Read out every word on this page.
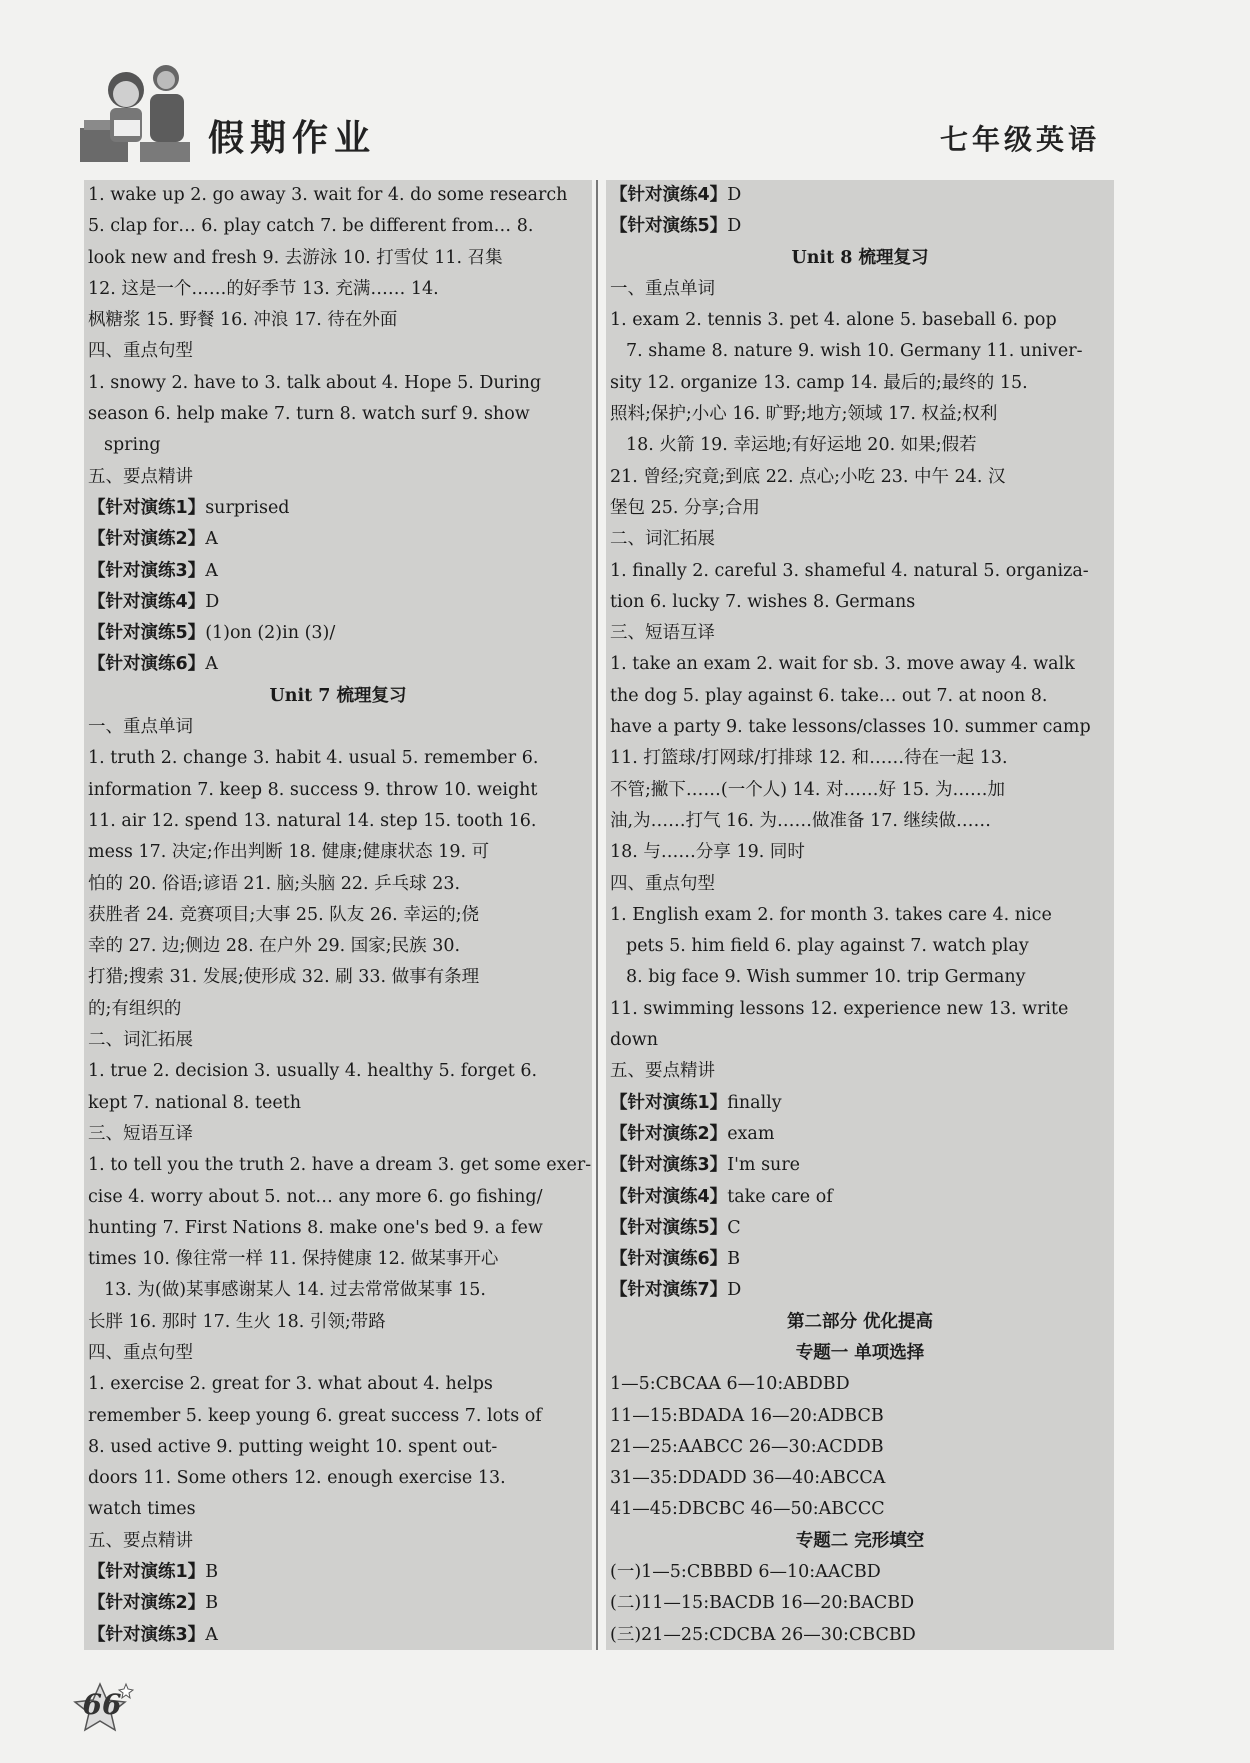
假期作业	七年级英语
1. wake up 2. go away 3. wait for 4. do some research
5. clap for… 6. play catch 7. be different from… 8.
look new and fresh 9. 去游泳 10. 打雪仗 11. 召集
12. 这是一个……的好季节 13. 充满…… 14.
枫糖浆 15. 野餐 16. 冲浪 17. 待在外面
四、重点句型
1. snowy 2. have to 3. talk about 4. Hope 5. During
season 6. help make 7. turn 8. watch surf 9. show
spring
五、要点精讲
【针对演练1】surprised
【针对演练2】A
【针对演练3】A
【针对演练4】D
【针对演练5】(1)on (2)in (3)/
【针对演练6】A
Unit 7 梳理复习
一、重点单词
1. truth 2. change 3. habit 4. usual 5. remember 6.
information 7. keep 8. success 9. throw 10. weight
11. air 12. spend 13. natural 14. step 15. tooth 16.
mess 17. 决定;作出判断 18. 健康;健康状态 19. 可
怕的 20. 俗语;谚语 21. 脑;头脑 22. 乒乓球 23.
获胜者 24. 竞赛项目;大事 25. 队友 26. 幸运的;侥
幸的 27. 边;侧边 28. 在户外 29. 国家;民族 30.
打猎;搜索 31. 发展;使形成 32. 刷 33. 做事有条理
的;有组织的
二、词汇拓展
1. true 2. decision 3. usually 4. healthy 5. forget 6.
kept 7. national 8. teeth
三、短语互译
1. to tell you the truth 2. have a dream 3. get some exer-
cise 4. worry about 5. not… any more 6. go fishing/
hunting 7. First Nations 8. make one's bed 9. a few
times 10. 像往常一样 11. 保持健康 12. 做某事开心
13. 为(做)某事感谢某人 14. 过去常常做某事 15.
长胖 16. 那时 17. 生火 18. 引领;带路
四、重点句型
1. exercise 2. great for 3. what about 4. helps
remember 5. keep young 6. great success 7. lots of
8. used active 9. putting weight 10. spent out-
doors 11. Some others 12. enough exercise 13.
watch times
五、要点精讲
【针对演练1】B
【针对演练2】B
【针对演练3】A
【针对演练4】D
【针对演练5】D
Unit 8 梳理复习
一、重点单词
1. exam 2. tennis 3. pet 4. alone 5. baseball 6. pop
7. shame 8. nature 9. wish 10. Germany 11. univer-
sity 12. organize 13. camp 14. 最后的;最终的 15.
照料;保护;小心 16. 旷野;地方;领域 17. 权益;权利
18. 火箭 19. 幸运地;有好运地 20. 如果;假若
21. 曾经;究竟;到底 22. 点心;小吃 23. 中午 24. 汉
堡包 25. 分享;合用
二、词汇拓展
1. finally 2. careful 3. shameful 4. natural 5. organiza-
tion 6. lucky 7. wishes 8. Germans
三、短语互译
1. take an exam 2. wait for sb. 3. move away 4. walk
the dog 5. play against 6. take… out 7. at noon 8.
have a party 9. take lessons/classes 10. summer camp
11. 打篮球/打网球/打排球 12. 和……待在一起 13.
不管;撇下……(一个人) 14. 对……好 15. 为……加
油,为……打气 16. 为……做准备 17. 继续做……
18. 与……分享 19. 同时
四、重点句型
1. English exam 2. for month 3. takes care 4. nice
pets 5. him field 6. play against 7. watch play
8. big face 9. Wish summer 10. trip Germany
11. swimming lessons 12. experience new 13. write
down
五、要点精讲
【针对演练1】finally
【针对演练2】exam
【针对演练3】I'm sure
【针对演练4】take care of
【针对演练5】C
【针对演练6】B
【针对演练7】D
第二部分 优化提高
专题一 单项选择
1—5:CBCAA 6—10:ABDBD
11—15:BDADA 16—20:ADBCB
21—25:AABCC 26—30:ACDDB
31—35:DDADD 36—40:ABCCA
41—45:DBCBC 46—50:ABCCC
专题二 完形填空
(一)1—5:CBBBD 6—10:AACBD
(二)11—15:BACDB 16—20:BACBD
(三)21—25:CDCBA 26—30:CBCBD
66
